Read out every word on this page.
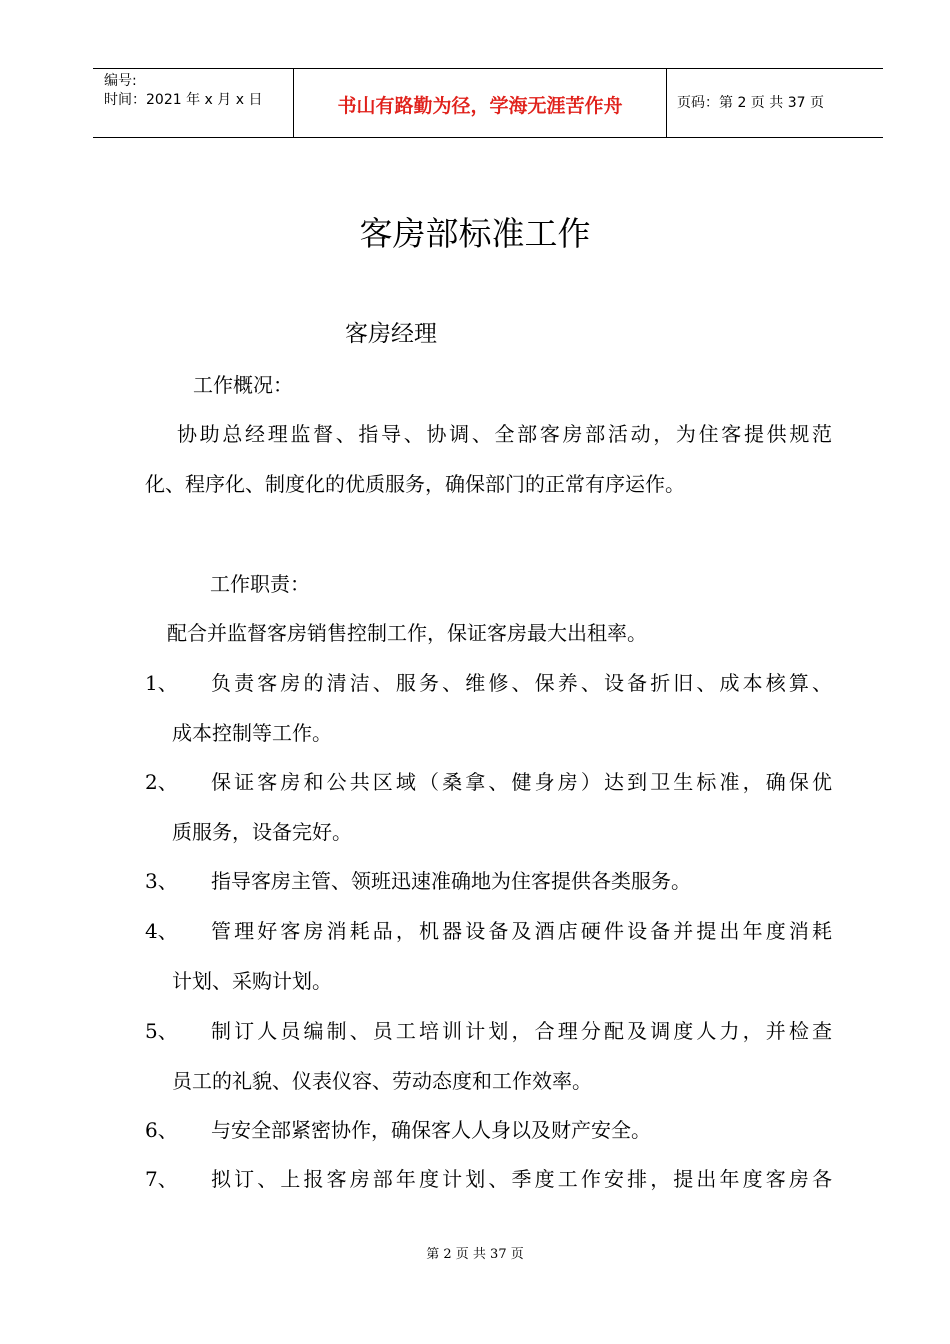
编号:
时间：2021 年 x 月 x 日	书山有路勤为径，学海无涯苦作舟	页码：第 2 页 共 37 页
客房部标准工作
客房经理
工作概况：
协助总经理监督、指导、协调、全部客房部活动，为住客提供规范
化、程序化、制度化的优质服务，确保部门的正常有序运作。
工作职责：
配合并监督客房销售控制工作，保证客房最大出租率。
1、 负责客房的清洁、服务、维修、保养、设备折旧、成本核算、
成本控制等工作。
2、 保证客房和公共区域（桑拿、健身房）达到卫生标准，确保优
质服务，设备完好。
3、 指导客房主管、领班迅速准确地为住客提供各类服务。
4、 管理好客房消耗品，机器设备及酒店硬件设备并提出年度消耗
计划、采购计划。
5、 制订人员编制、员工培训计划，合理分配及调度人力，并检查
员工的礼貌、仪表仪容、劳动态度和工作效率。
6、 与安全部紧密协作，确保客人人身以及财产安全。
7、 拟订、上报客房部年度计划、季度工作安排，提出年度客房各
第 2 页 共 37 页
